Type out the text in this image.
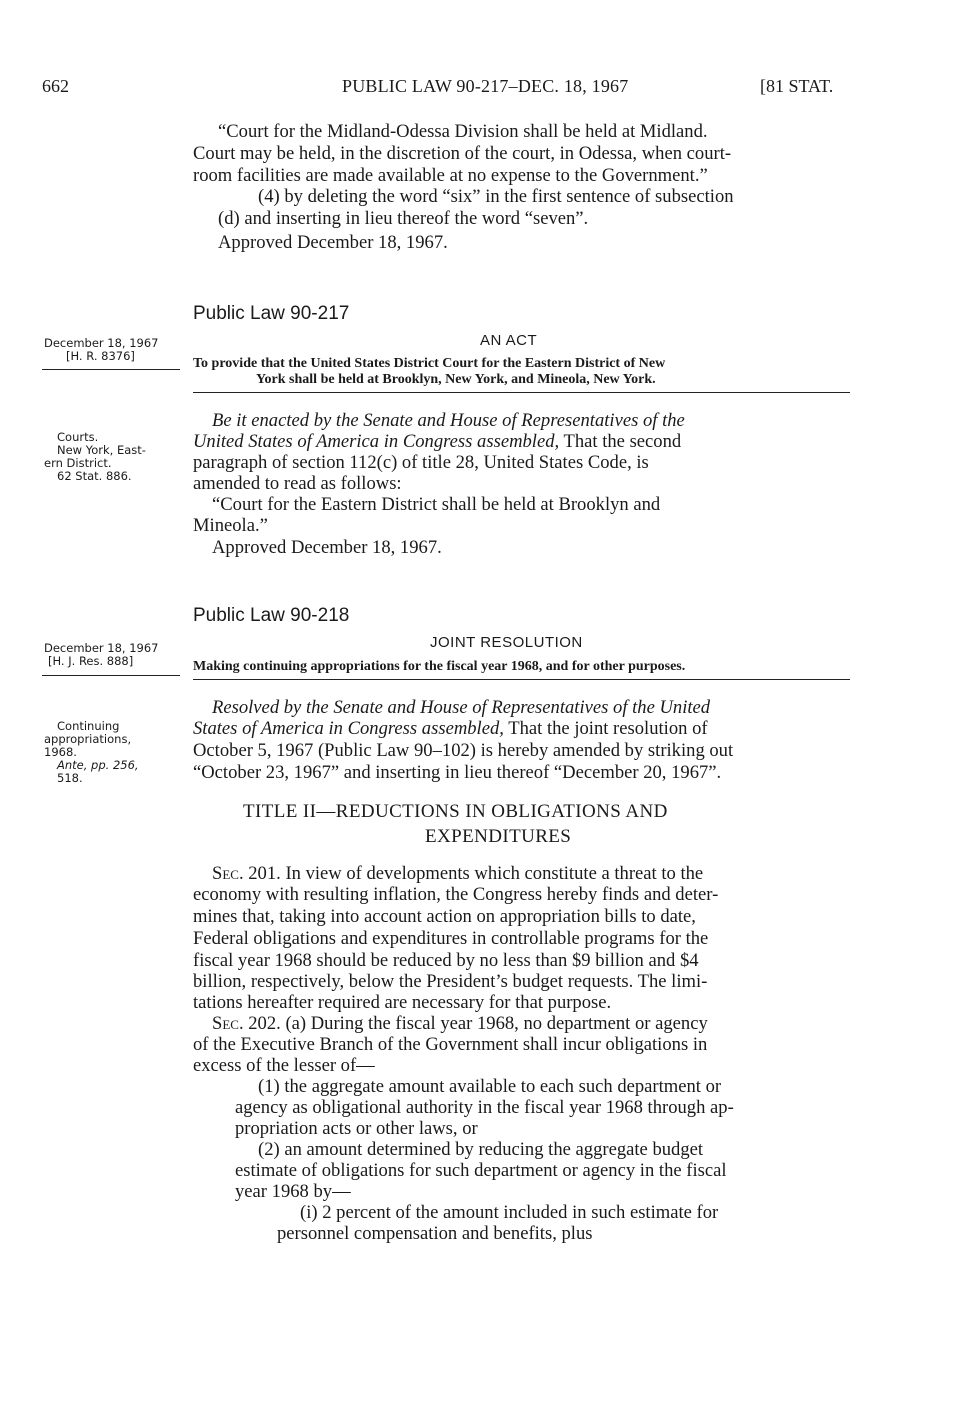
662	PUBLIC LAW 90-217–DEC. 18, 1967	[81 STAT.
“Court for the Midland-Odessa Division shall be held at Midland.
Court may be held, in the discretion of the court, in Odessa, when court-
room facilities are made available at no expense to the Government.”
(4) by deleting the word “six” in the first sentence of subsection
(d) and inserting in lieu thereof the word “seven”.
Approved December 18, 1967.
Public Law 90-217
December 18, 1967
[H. R. 8376]
AN ACT
To provide that the United States District Court for the Eastern District of New
York shall be held at Brooklyn, New York, and Mineola, New York.
Be it enacted by the Senate and House of Representatives of the
United States of America in Congress assembled, That the second
paragraph of section 112(c) of title 28, United States Code, is
amended to read as follows:
“Court for the Eastern District shall be held at Brooklyn and
Mineola.”
Approved December 18, 1967.
Courts.
New York, East-
ern District.
62 Stat. 886.
Public Law 90-218
December 18, 1967
[H. J. Res. 888]
JOINT RESOLUTION
Making continuing appropriations for the fiscal year 1968, and for other purposes.
Resolved by the Senate and House of Representatives of the United
States of America in Congress assembled, That the joint resolution of
October 5, 1967 (Public Law 90–102) is hereby amended by striking out
“October 23, 1967” and inserting in lieu thereof “December 20, 1967”.
Continuing
appropriations,
1968.
Ante, pp. 256,
518.
TITLE II—REDUCTIONS IN OBLIGATIONS AND
EXPENDITURES
Sec. 201. In view of developments which constitute a threat to the
economy with resulting inflation, the Congress hereby finds and deter-
mines that, taking into account action on appropriation bills to date,
Federal obligations and expenditures in controllable programs for the
fiscal year 1968 should be reduced by no less than $9 billion and $4
billion, respectively, below the President’s budget requests. The limi-
tations hereafter required are necessary for that purpose.
Sec. 202. (a) During the fiscal year 1968, no department or agency
of the Executive Branch of the Government shall incur obligations in
excess of the lesser of—
(1) the aggregate amount available to each such department or
agency as obligational authority in the fiscal year 1968 through ap-
propriation acts or other laws, or
(2) an amount determined by reducing the aggregate budget
estimate of obligations for such department or agency in the fiscal
year 1968 by—
(i) 2 percent of the amount included in such estimate for
personnel compensation and benefits, plus
